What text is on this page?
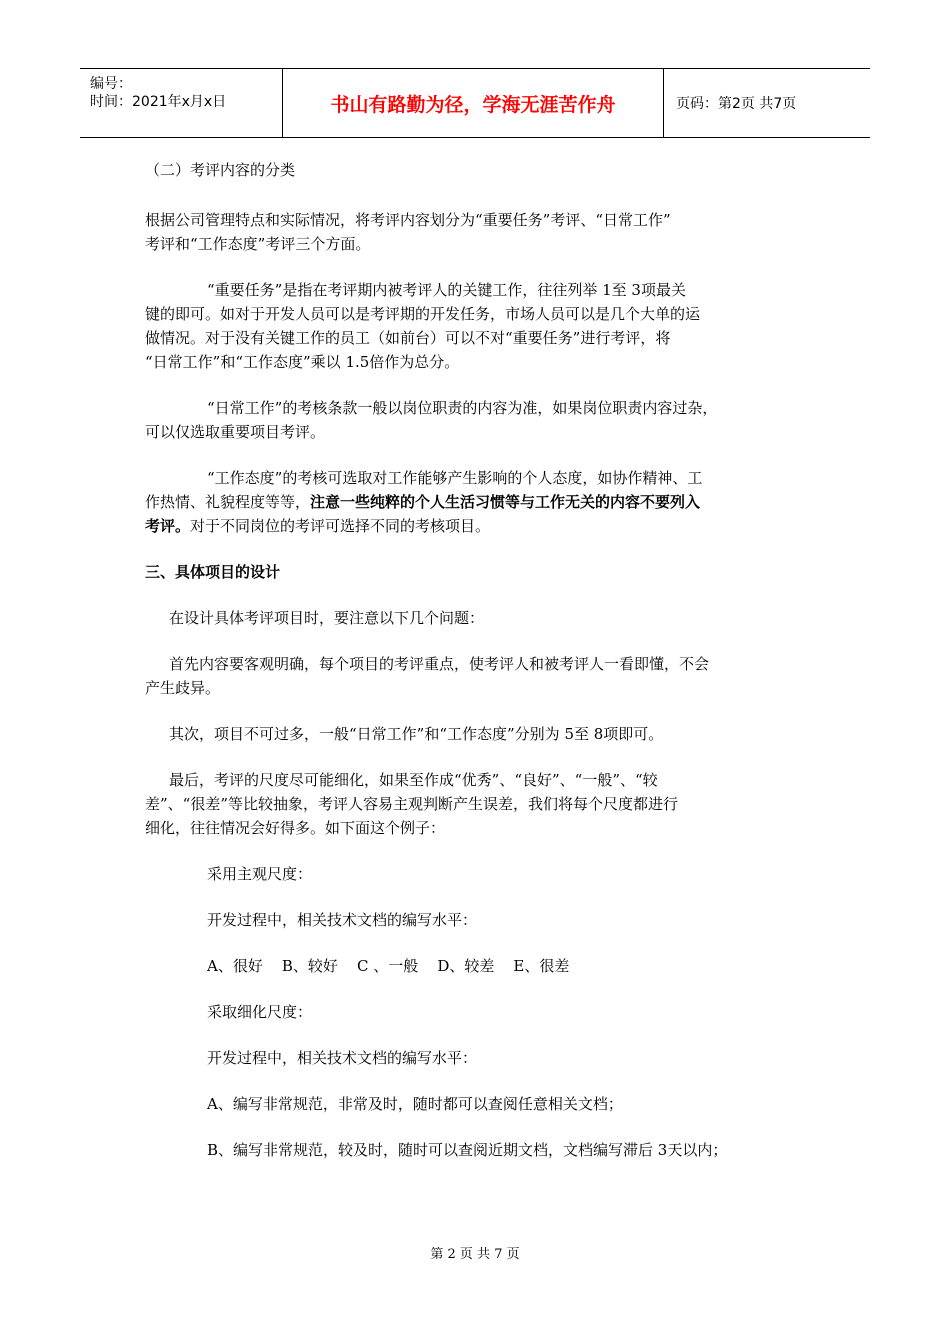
编号：
时间：2021年x月x日	书山有路勤为径，学海无涯苦作舟	页码：第2页 共7页

（二）考评内容的分类

根据公司管理特点和实际情况，将考评内容划分为“重要任务”考评、“日常工作”

考评和“工作态度”考评三个方面。

“重要任务”是指在考评期内被考评人的关键工作，往往列举 1至 3项最关

键的即可。如对于开发人员可以是考评期的开发任务，市场人员可以是几个大单的运

做情况。对于没有关键工作的员工（如前台）可以不对“重要任务”进行考评，将

“日常工作”和“工作态度”乘以 1.5倍作为总分。

“日常工作”的考核条款一般以岗位职责的内容为准，如果岗位职责内容过杂，

可以仅选取重要项目考评。

“工作态度”的考核可选取对工作能够产生影响的个人态度，如协作精神、工

作热情、礼貌程度等等，注意一些纯粹的个人生活习惯等与工作无关的内容不要列入

考评。对于不同岗位的考评可选择不同的考核项目。

三、具体项目的设计

在设计具体考评项目时，要注意以下几个问题：

首先内容要客观明确，每个项目的考评重点，使考评人和被考评人一看即懂，不会

产生歧异。

其次，项目不可过多，一般“日常工作”和“工作态度”分别为 5至 8项即可。

最后，考评的尺度尽可能细化，如果至作成“优秀”、“良好”、“一般”、“较

差”、“很差”等比较抽象，考评人容易主观判断产生误差，我们将每个尺度都进行

细化，往往情况会好得多。如下面这个例子：

采用主观尺度：

开发过程中，相关技术文档的编写水平：

A、很好    B、较好    C 、一般    D、较差    E、很差

采取细化尺度：

开发过程中，相关技术文档的编写水平：

A、编写非常规范，非常及时，随时都可以查阅任意相关文档；

B、编写非常规范，较及时，随时可以查阅近期文档，文档编写滞后 3天以内；

第 2 页 共 7 页
